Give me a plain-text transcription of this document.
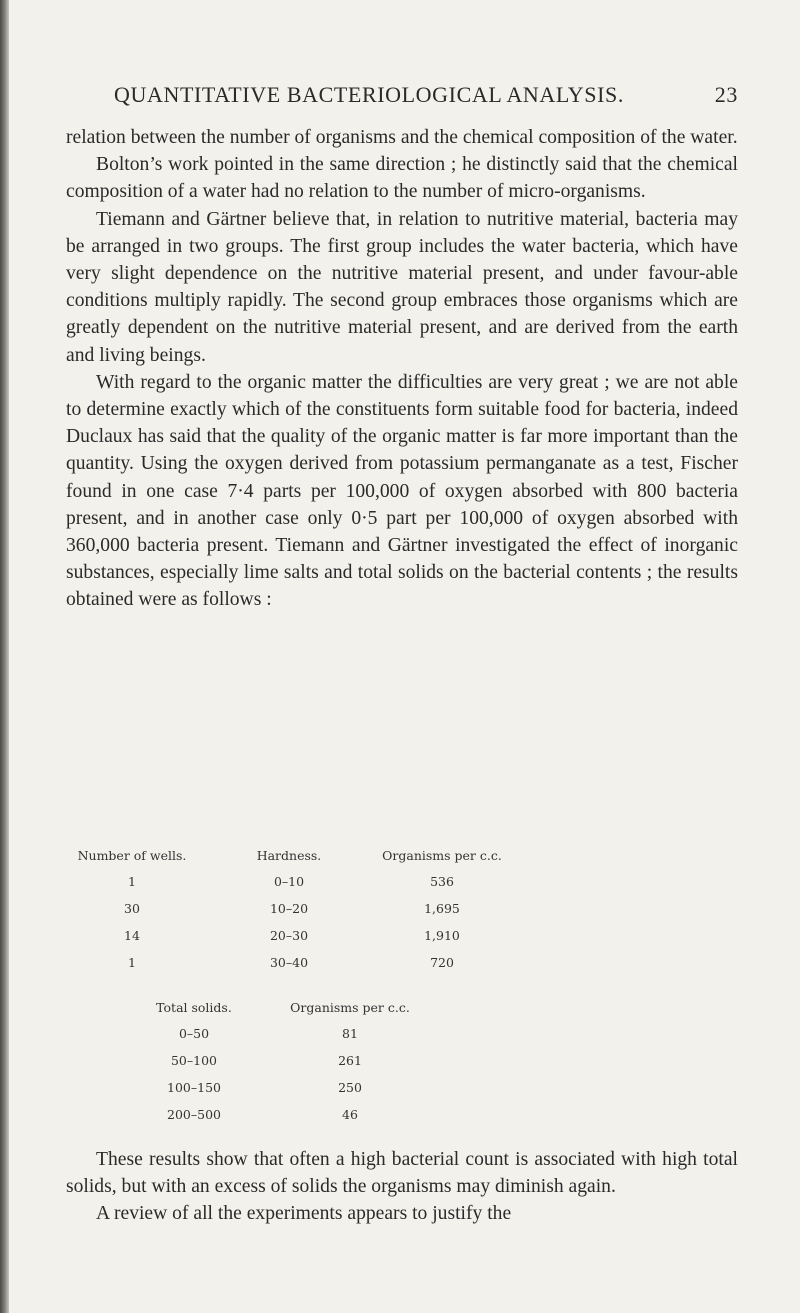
QUANTITATIVE BACTERIOLOGICAL ANALYSIS.	23

relation between the number of organisms and the chemical composition of the water.

Bolton’s work pointed in the same direction ; he distinctly said that the chemical composition of a water had no relation to the number of micro-organisms.

Tiemann and Gärtner believe that, in relation to nutritive material, bacteria may be arranged in two groups. The first group includes the water bacteria, which have very slight dependence on the nutritive material present, and under favour-able conditions multiply rapidly. The second group embraces those organisms which are greatly dependent on the nutritive material present, and are derived from the earth and living beings.

With regard to the organic matter the difficulties are very great ; we are not able to determine exactly which of the constituents form suitable food for bacteria, indeed Duclaux has said that the quality of the organic matter is far more important than the quantity. Using the oxygen derived from potassium permanganate as a test, Fischer found in one case 7·4 parts per 100,000 of oxygen absorbed with 800 bacteria present, and in another case only 0·5 part per 100,000 of oxygen absorbed with 360,000 bacteria present. Tiemann and Gärtner investigated the effect of inorganic substances, especially lime salts and total solids on the bacterial contents ; the results obtained were as follows :

Number of wells.	Hardness.	Organisms per c.c.
1	0–10	536
30	10–20	1,695
14	20–30	1,910
1	30–40	720
Total solids.	Organisms per c.c.
0–50	81
50–100	261
100–150	250
200–500	46

These results show that often a high bacterial count is associated with high total solids, but with an excess of solids the organisms may diminish again.

A review of all the experiments appears to justify the
